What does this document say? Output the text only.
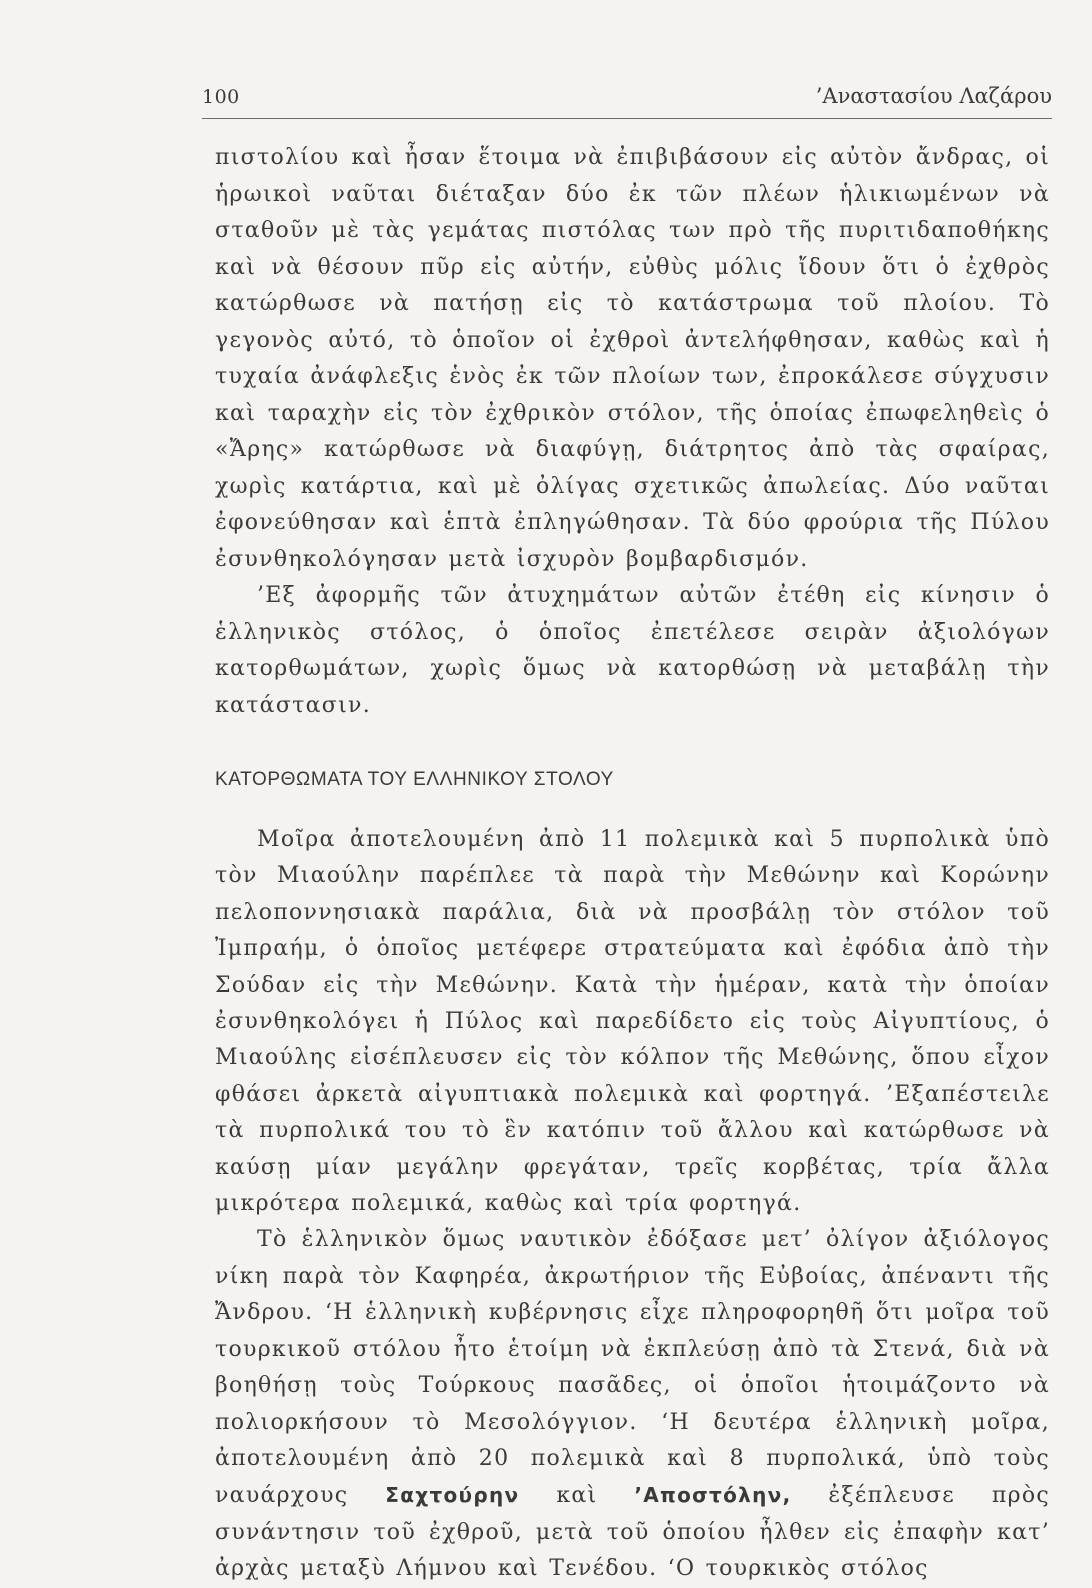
100	’Αναστασίου Λαζάρου

πιστολίου καὶ ἦσαν ἕτοιμα νὰ ἐπιβιβάσουν εἰς αὐτὸν ἄνδρας, οἱ ἡρωικοὶ ναῦται διέταξαν δύο ἐκ τῶν πλέων ἡλικιωμένων νὰ σταθοῦν μὲ τὰς γεμάτας πιστόλας των πρὸ τῆς πυριτιδαποθήκης καὶ νὰ θέσουν πῦρ εἰς αὐτήν, εὐθὺς μόλις ἴδουν ὅτι ὁ ἐχθρὸς κατώρθωσε νὰ πατήσῃ εἰς τὸ κατάστρωμα τοῦ πλοίου. Τὸ γεγονὸς αὐτό, τὸ ὁποῖον οἱ ἐχθροὶ ἀντελήφθησαν, καθὼς καὶ ἡ τυχαία ἀνάφλεξις ἑνὸς ἐκ τῶν πλοίων των, ἐπροκάλεσε σύγχυσιν καὶ ταραχὴν εἰς τὸν ἐχθρικὸν στόλον, τῆς ὁποίας ἐπωφεληθεὶς ὁ «Ἄρης» κατώρθωσε νὰ διαφύγῃ, διάτρητος ἀπὸ τὰς σφαίρας, χωρὶς κατάρτια, καὶ μὲ ὀλίγας σχετικῶς ἀπωλείας. Δύο ναῦται ἐφονεύθησαν καὶ ἑπτὰ ἐπληγώθησαν. Τὰ δύο φρούρια τῆς Πύλου ἐσυνθηκολόγησαν μετὰ ἰσχυρὸν βομβαρδισμόν.

’Εξ ἀφορμῆς τῶν ἀτυχημάτων αὐτῶν ἐτέθη εἰς κίνησιν ὁ ἑλληνικὸς στόλος, ὁ ὁποῖος ἐπετέλεσε σειρὰν ἀξιολόγων κατορθωμάτων, χωρὶς ὅμως νὰ κατορθώσῃ νὰ μεταβάλῃ τὴν κατάστασιν.

ΚΑΤΟΡΘΩΜΑΤΑ ΤΟΥ ΕΛΛΗΝΙΚΟΥ ΣΤΟΛΟΥ

Μοῖρα ἀποτελουμένη ἀπὸ 11 πολεμικὰ καὶ 5 πυρπολικὰ ὑπὸ τὸν Μιαούλην παρέπλεε τὰ παρὰ τὴν Μεθώνην καὶ Κορώνην πελοποννησιακὰ παράλια, διὰ νὰ προσβάλῃ τὸν στόλον τοῦ Ἰμπραήμ, ὁ ὁποῖος μετέφερε στρατεύματα καὶ ἐφόδια ἀπὸ τὴν Σούδαν εἰς τὴν Μεθώνην. Κατὰ τὴν ἡμέραν, κατὰ τὴν ὁποίαν ἐσυνθηκολόγει ἡ Πύλος καὶ παρεδίδετο εἰς τοὺς Αἰγυπτίους, ὁ Μιαούλης εἰσέπλευσεν εἰς τὸν κόλπον τῆς Μεθώνης, ὅπου εἶχον φθάσει ἀρκετὰ αἰγυπτιακὰ πολεμικὰ καὶ φορτηγά. ’Εξαπέστειλε τὰ πυρπολικά του τὸ ἓν κατόπιν τοῦ ἄλλου καὶ κατώρθωσε νὰ καύσῃ μίαν μεγάλην φρεγάταν, τρεῖς κορβέτας, τρία ἄλλα μικρότερα πολεμικά, καθὼς καὶ τρία φορτηγά.

Τὸ ἑλληνικὸν ὅμως ναυτικὸν ἐδόξασε μετ’ ὀλίγον ἀξιόλογος νίκη παρὰ τὸν Καφηρέα, ἀκρωτήριον τῆς Εὐβοίας, ἀπέναντι τῆς Ἄνδρου. ‘Η ἑλληνικὴ κυβέρνησις εἶχε πληροφορηθῆ ὅτι μοῖρα τοῦ τουρκικοῦ στόλου ἦτο ἑτοίμη νὰ ἐκπλεύσῃ ἀπὸ τὰ Στενά, διὰ νὰ βοηθήσῃ τοὺς Τούρκους πασᾶδες, οἱ ὁποῖοι ἡτοιμάζοντο νὰ πολιορκήσουν τὸ Μεσολόγγιον. ‘Η δευτέρα ἑλληνικὴ μοῖρα, ἀποτελουμένη ἀπὸ 20 πολεμικὰ καὶ 8 πυρπολικά, ὑπὸ τοὺς ναυάρχους Σαχτούρην καὶ ’Αποστόλην, ἐξέπλευσε πρὸς συνάντησιν τοῦ ἐχθροῦ, μετὰ τοῦ ὁποίου ἦλθεν εἰς ἐπαφὴν κατ’ ἀρχὰς μεταξὺ Λήμνου καὶ Τενέδου. ‘Ο τουρκικὸς στόλος
